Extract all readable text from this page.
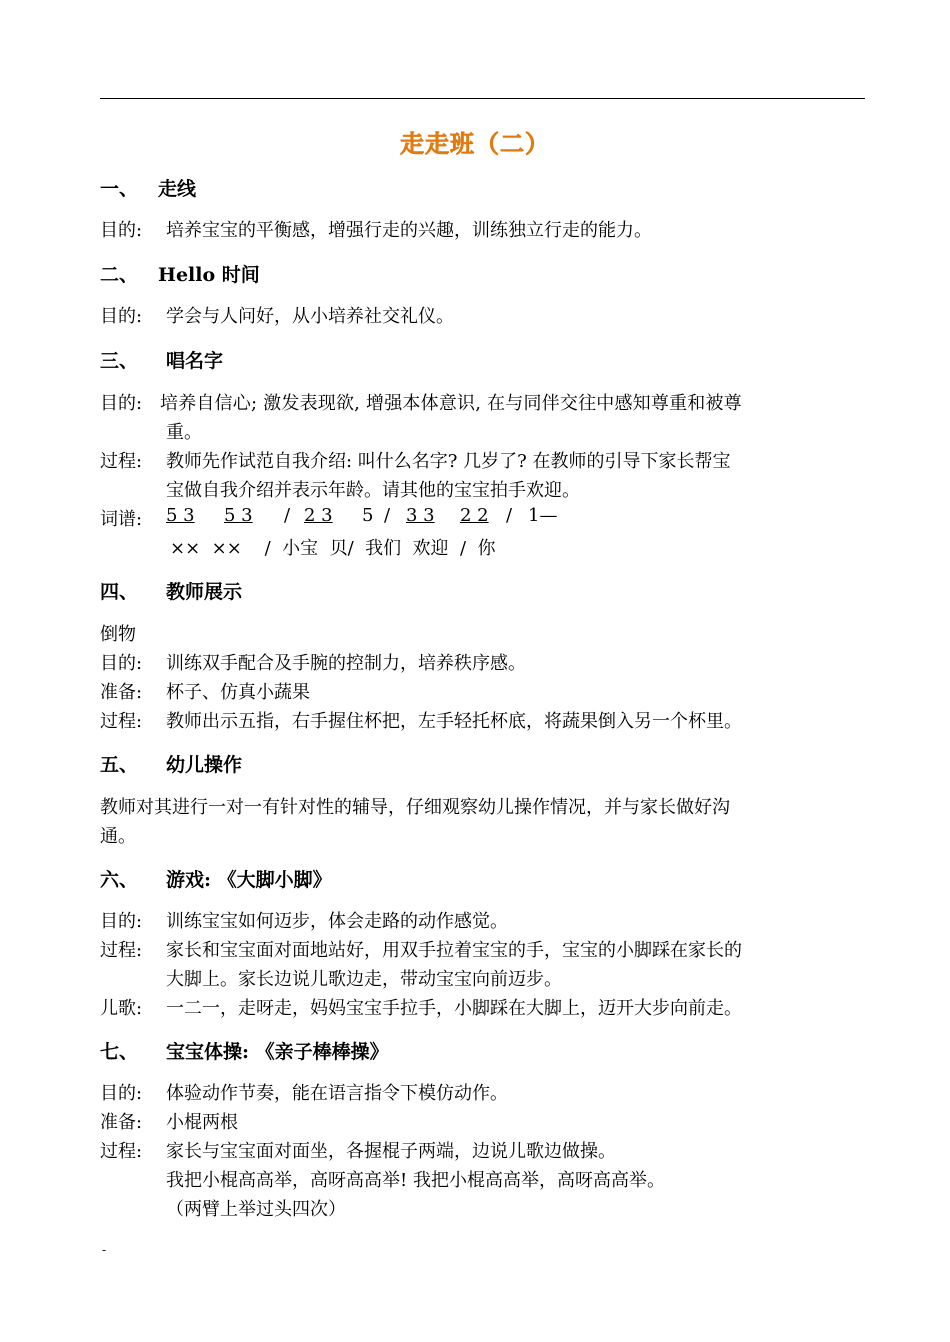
走走班（二）
一、 走线
目的: 培养宝宝的平衡感，增强行走的兴趣，训练独立行走的能力。
二、 Hello 时间
目的: 学会与人问好，从小培养社交礼仪。
三、 唱名字
目的: 培养自信心; 激发表现欲, 增强本体意识, 在与同伴交往中感知尊重和被尊
重。
过程: 教师先作试范自我介绍: 叫什么名字? 几岁了? 在教师的引导下家长帮宝
宝做自我介绍并表示年龄。请其他的宝宝拍手欢迎。
词谱: 5 3 5 3 / 2 3 5 / 3 3 2 2 / 1—
××  ××    /  小宝  贝/  我们  欢迎  /  你
四、 教师展示
倒物
目的: 训练双手配合及手腕的控制力，培养秩序感。
准备: 杯子、仿真小蔬果
过程: 教师出示五指，右手握住杯把，左手轻托杯底，将蔬果倒入另一个杯里。
五、 幼儿操作
教师对其进行一对一有针对性的辅导，仔细观察幼儿操作情况，并与家长做好沟
通。
六、 游戏: 《大脚小脚》
目的: 训练宝宝如何迈步，体会走路的动作感觉。
过程: 家长和宝宝面对面地站好，用双手拉着宝宝的手，宝宝的小脚踩在家长的
大脚上。家长边说儿歌边走，带动宝宝向前迈步。
儿歌: 一二一，走呀走，妈妈宝宝手拉手，小脚踩在大脚上，迈开大步向前走。
七、 宝宝体操: 《亲子棒棒操》
目的: 体验动作节奏，能在语言指令下模仿动作。
准备: 小棍两根
过程: 家长与宝宝面对面坐，各握棍子两端，边说儿歌边做操。
我把小棍高高举，高呀高高举! 我把小棍高高举，高呀高高举。
（两臂上举过头四次）
-
